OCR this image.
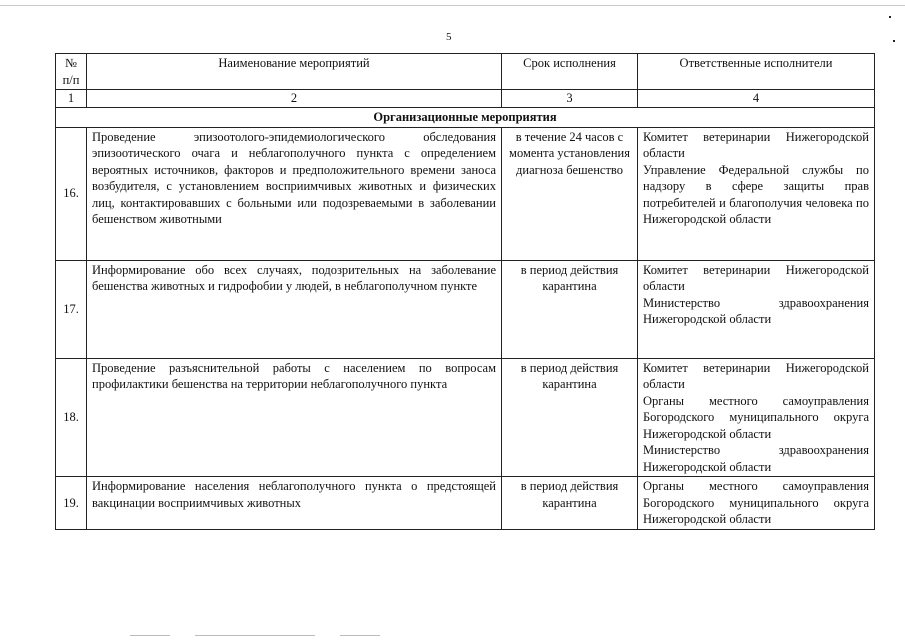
5
№ п/п	Наименование мероприятий	Срок исполнения	Ответственные исполнители
1	2	3	4
Организационные мероприятия			
16.	Проведение эпизоотолого-эпидемиологического обследования эпизоотического очага и неблагополучного пункта с определением вероятных источников, факторов и предположительного времени заноса возбудителя, с установлением восприимчивых животных и физических лиц, контактировавших с больными или подозреваемыми в заболевании бешенством животными	в течение 24 часов с момента установления диагноза бешенство	Комитет ветеринарии Нижегородской области
Управление Федеральной службы по надзору в сфере защиты прав потребителей и благополучия человека по Нижегородской области

17.	Информирование обо всех случаях, подозрительных на заболевание бешенства животных и гидрофобии у людей, в неблагополучном пункте	в период действия карантина	Комитет ветеринарии Нижегородской области
Министерство здравоохранения Нижегородской области

18.	Проведение разъяснительной работы с населением по вопросам профилактики бешенства на территории неблагополучного пункта	в период действия карантина	Комитет ветеринарии Нижегородской области
Органы местного самоуправления Богородского муниципального округа Нижегородской области
Министерство здравоохранения Нижегородской области

19.	Информирование населения неблагополучного пункта о предстоящей вакцинации восприимчивых животных	в период действия карантина	Органы местного самоуправления Богородского муниципального округа Нижегородской области
